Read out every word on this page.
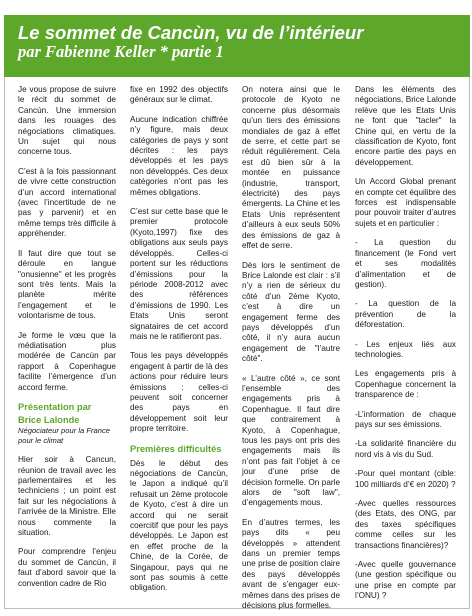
Le sommet de Cancùn, vu de l’intérieur
par Fabienne Keller * partie 1

Je vous propose de suivre le récit du sommet de Cancùn. Une immersion dans les rouages des négociations climatiques. Un sujet qui nous concerne tous.

C’est à la fois passionnant de vivre cette construction d’un accord international (avec l’incertitude de ne pas y parvenir) et en même temps très difficile à appréhender.

Il faut dire que tout se déroule en langue "onusienne" et les progrès sont très lents. Mais la planète mérite l’engagement et le volontarisme de tous.

Je forme le vœu que la médiatisation plus modérée de Cancùn par rapport à Copenhague facilite l’émergence d’un accord ferme.

Présentation par
Brice Lalonde
Négociateur pour la France pour le climat

Hier soir à Cancun, réunion de travail avec les parlementaires et les techniciens ; un point est fait sur les négociations à l’arrivée de la Ministre. Elle nous commente la situation.

Pour comprendre l’enjeu du sommet de Cancùn, il faut d’abord savoir que la convention cadre de Rio

fixe en 1992 des objectifs généraux sur le climat.

Aucune indication chiffrée n’y figure, mais deux catégories de pays y sont décrites : les pays développés et les pays non développés. Ces deux catégories n’ont pas les mêmes obligations.

C’est sur cette base que le premier protocole (Kyoto,1997) fixe des obligations aux seuls pays développés. Celles-ci portent sur les réductions d’émissions pour la période 2008-2012 avec des références d’émissions de 1990. Les Etats Unis seront signataires de cet accord mais ne le ratifieront pas.

Tous les pays développés engagent à partir de là des actions pour réduire leurs émissions : celles-ci peuvent soit concerner des pays en développement soit leur propre territoire.

Premières difficultés

Dès le début des négociations de Cancùn, le Japon a indiqué qu’il refusait un 2ème protocole de Kyoto, c’est à dire un accord qui ne serait coercitif que pour les pays développés. Le Japon est en effet proche de la Chine, de la Corée, de Singapour, pays qui ne sont pas soumis à cette obligation.

On notera ainsi que le protocole de Kyoto ne concerne plus désormais qu’un tiers des émissions mondiales de gaz à effet de serre, et cette part se réduit régulièrement. Cela est dû bien sûr à la montée en puissance (industrie, transport, électricité) des pays émergents. La Chine et les Etats Unis représentent d’ailleurs à eux seuls 50% des émissions de gaz à effet de serre.

Dès lors le sentiment de Brice Lalonde est clair : s’il n’y a rien de sérieux du côté d’un 2ème Kyoto, c’est à dire un engagement ferme des pays développés d’un côté, il n’y aura aucun engagement de "l’autre côté".

« L’autre côté », ce sont l’ensemble des engagements pris à Copenhague. Il faut dire que contrairement à Kyoto, à Copenhague, tous les pays ont pris des engagements mais ils n’ont pas fait l’objet à ce jour d’une prise de décision formelle. On parle alors de "soft law", d’engagements mous.

En d’autres termes, les pays dits « peu développés » attendent dans un premier temps une prise de position claire des pays développés avant de s’engager eux-mêmes dans des prises de décisions plus formelles.

Dans les éléments des négociations, Brice Lalonde relève que les Etats Unis ne font que "tacler" la Chine qui, en vertu de la classification de Kyoto, font encore partie des pays en développement.

Un Accord Global prenant en compte cet équilibre des forces est indispensable pour pouvoir traiter d’autres sujets et en particulier :

- La question du financement (le Fond vert et ses modalités d’alimentation et de gestion).

- La question de la prévention de la déforestation.

- Les enjeux liés aux technologies.

Les engagements pris à Copenhague concernent la transparence de :

-L’information de chaque pays sur ses émissions.

-La solidarité financière du nord vis à vis du Sud.

-Pour quel montant (cible: 100 milliards d’€ en 2020) ?

-Avec quelles ressources (des Etats, des ONG, par des taxes spécifiques comme celles sur les transactions financières)?

-Avec quelle gouvernance (une gestion spécifique ou une prise en compte par l’ONU) ?
